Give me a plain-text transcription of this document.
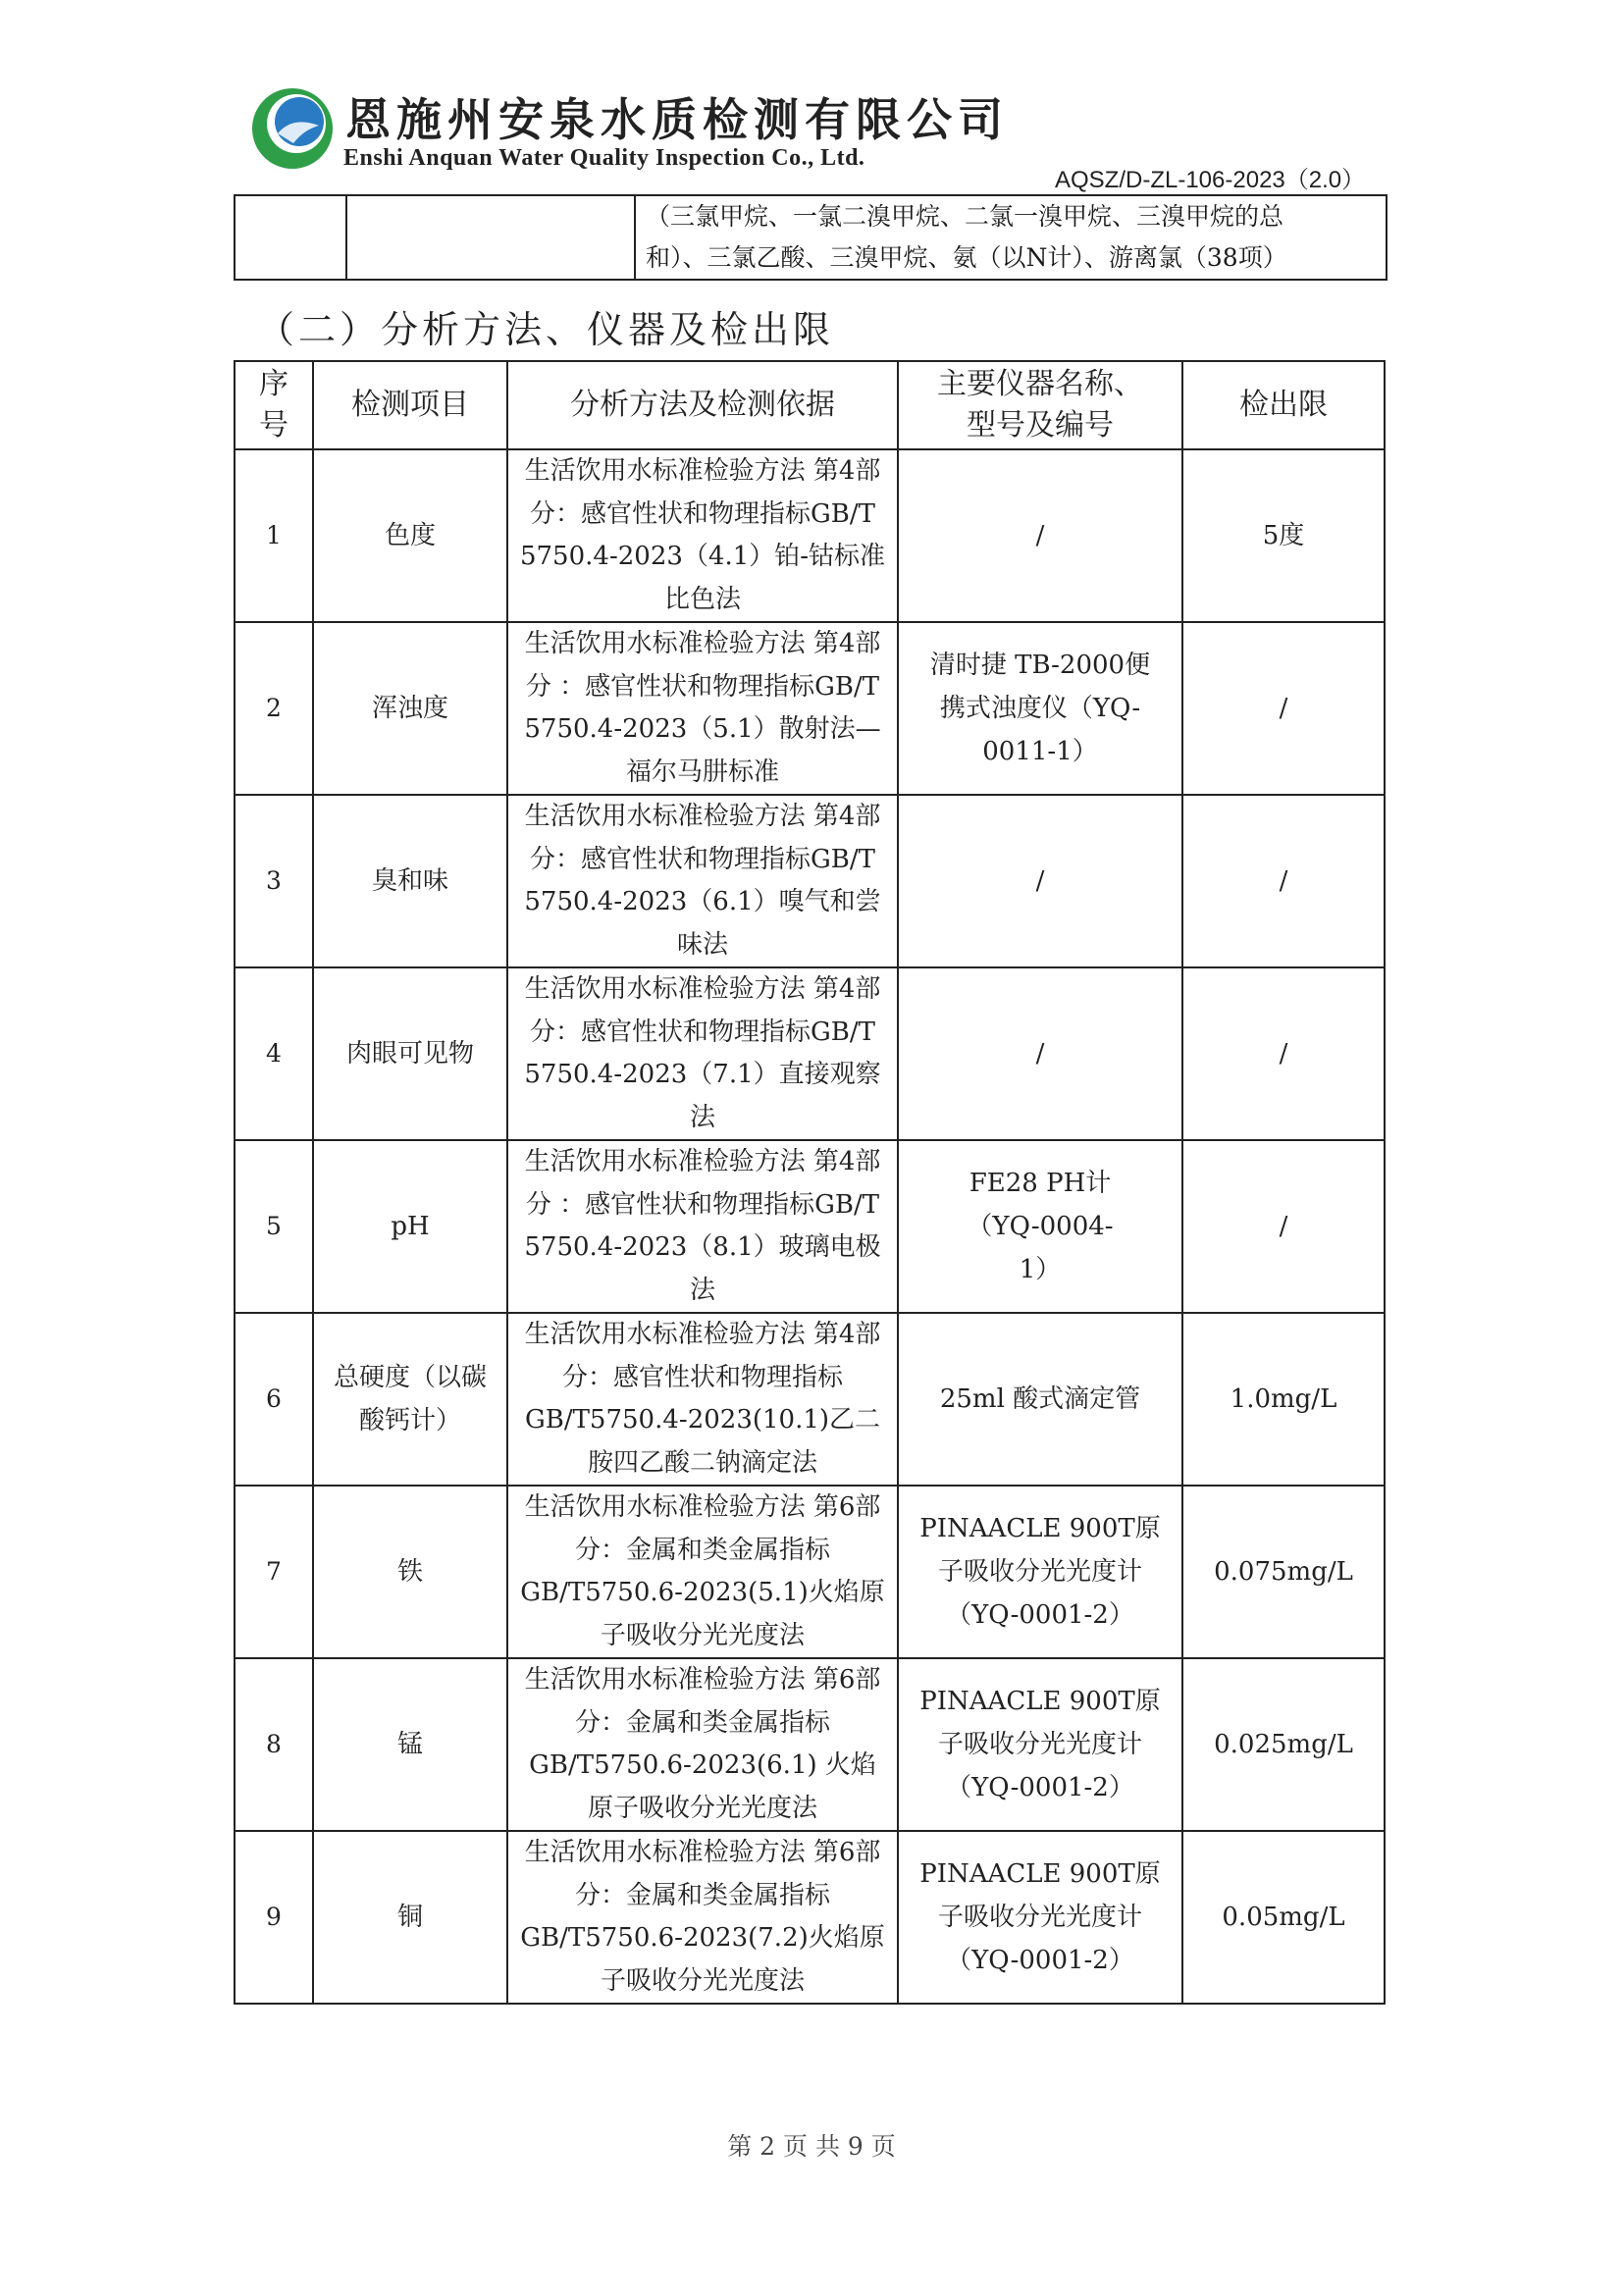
恩施州安泉水质检测有限公司
Enshi Anquan Water Quality Inspection Co., Ltd.
AQSZ/D-ZL-106-2023（2.0）

（三氯甲烷、一氯二溴甲烷、二氯一溴甲烷、三溴甲烷的总
和）、三氯乙酸、三溴甲烷、氨（以N计）、游离氯（38项）
（二）分析方法、仪器及检出限
序号	检测项目	分析方法及检测依据	主要仪器名称、型号及编号	检出限
1	色度	生活饮用水标准检验方法 第4部分：感官性状和物理指标GB/T 5750.4-2023（4.1）铂-钴标准比色法	/	5度
2	浑浊度	生活饮用水标准检验方法 第4部分 ：感官性状和物理指标GB/T 5750.4-2023（5.1）散射法—福尔马肼标准	清时捷 TB-2000便携式浊度仪（YQ-0011-1）	/
3	臭和味	生活饮用水标准检验方法 第4部分：感官性状和物理指标GB/T 5750.4-2023（6.1）嗅气和尝味法	/	/
4	肉眼可见物	生活饮用水标准检验方法 第4部分：感官性状和物理指标GB/T 5750.4-2023（7.1）直接观察法	/	/
5	pH	生活饮用水标准检验方法 第4部分 ：感官性状和物理指标GB/T 5750.4-2023（8.1）玻璃电极法	FE28 PH计（YQ-0004-1）	/
6	总硬度（以碳酸钙计）	生活饮用水标准检验方法 第4部分：感官性状和物理指标GB/T5750.4-2023(10.1)乙二胺四乙酸二钠滴定法	25ml 酸式滴定管	1.0mg/L
7	铁	生活饮用水标准检验方法 第6部分：金属和类金属指标GB/T5750.6-2023(5.1)火焰原子吸收分光光度法	PINAACLE 900T原子吸收分光光度计（YQ-0001-2）	0.075mg/L
8	锰	生活饮用水标准检验方法 第6部分：金属和类金属指标GB/T5750.6-2023(6.1) 火焰原子吸收分光光度法	PINAACLE 900T原子吸收分光光度计（YQ-0001-2）	0.025mg/L
9	铜	生活饮用水标准检验方法 第6部分：金属和类金属指标GB/T5750.6-2023(7.2)火焰原子吸收分光光度法	PINAACLE 900T原子吸收分光光度计（YQ-0001-2）	0.05mg/L
第 2 页 共 9 页
